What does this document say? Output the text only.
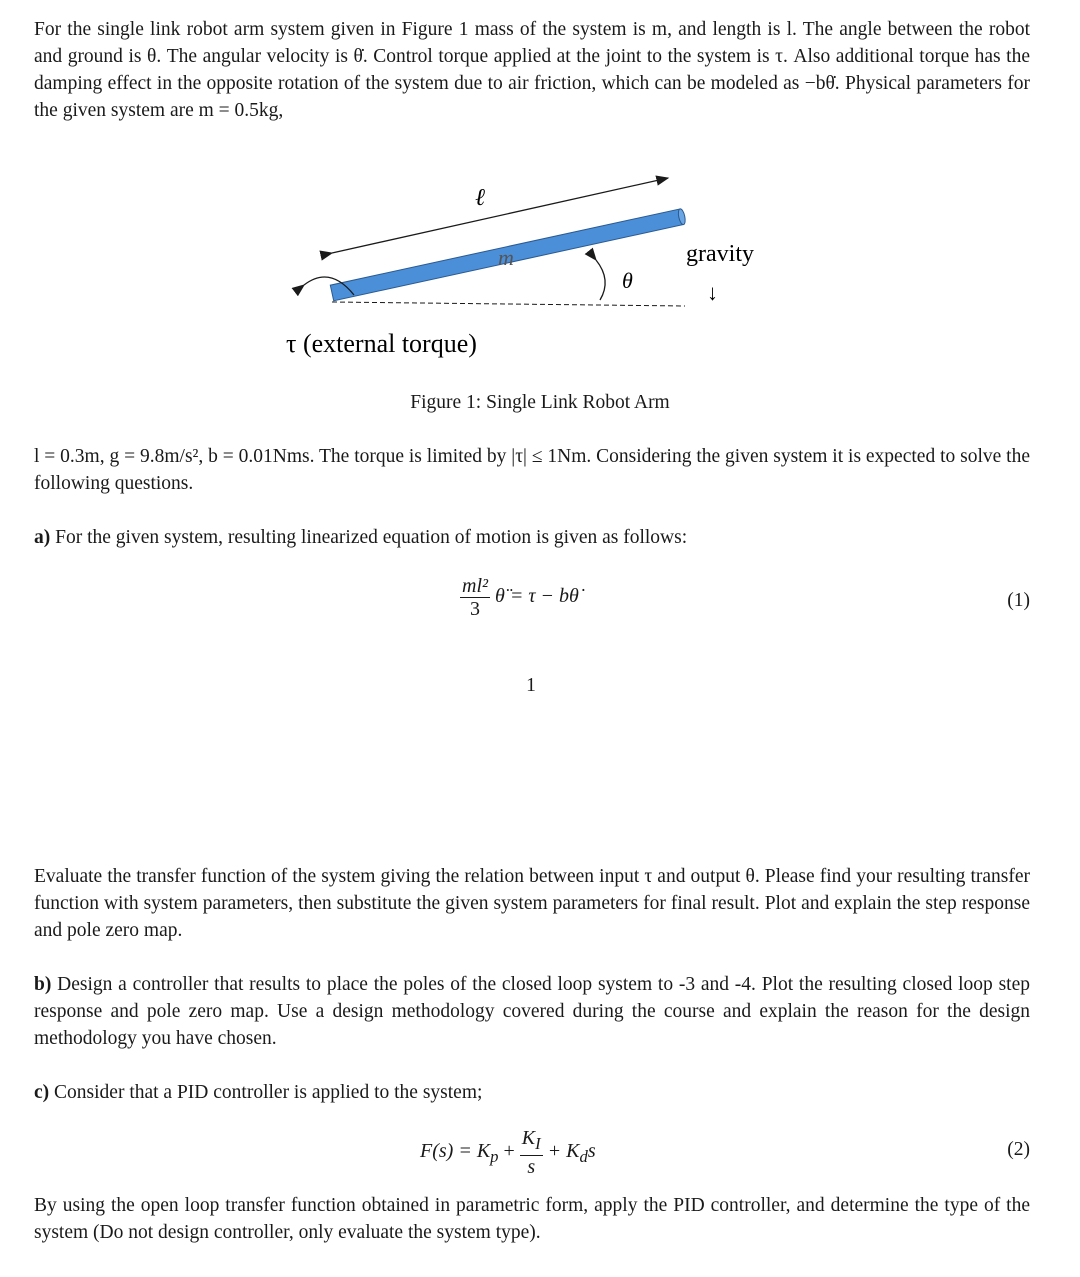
For the single link robot arm system given in Figure 1 mass of the system is m, and length is l. The angle between the robot and ground is θ. The angular velocity is θ̇. Control torque applied at the joint to the system is τ. Also additional torque has the damping effect in the opposite rotation of the system due to air friction, which can be modeled as −bθ̇. Physical parameters for the given system are m = 0.5kg,

ℓ
m
θ
gravity
↓
τ (external torque)
Figure 1: Single Link Robot Arm

l = 0.3m, g = 9.8m/s², b = 0.01Nms. The torque is limited by |τ| ≤ 1Nm. Considering the given system it is expected to solve the following questions.

a) For the given system, resulting linearized equation of motion is given as follows:

$\frac{\text{ml²}}{3}$ θ̈ = τ − bθ̇	(1)
1

Evaluate the transfer function of the system giving the relation between input τ and output θ. Please find your resulting transfer function with system parameters, then substitute the given system parameters for final result. Plot and explain the step response and pole zero map.

b) Design a controller that results to place the poles of the closed loop system to -3 and -4. Plot the resulting closed loop step response and pole zero map. Use a design methodology covered during the course and explain the reason for the design methodology you have chosen.

c) Consider that a PID controller is applied to the system;

$F(s) = K_p + \frac{K_I}{s} + K_ds$	(2)

By using the open loop transfer function obtained in parametric form, apply the PID controller, and determine the type of the system (Do not design controller, only evaluate the system type).
